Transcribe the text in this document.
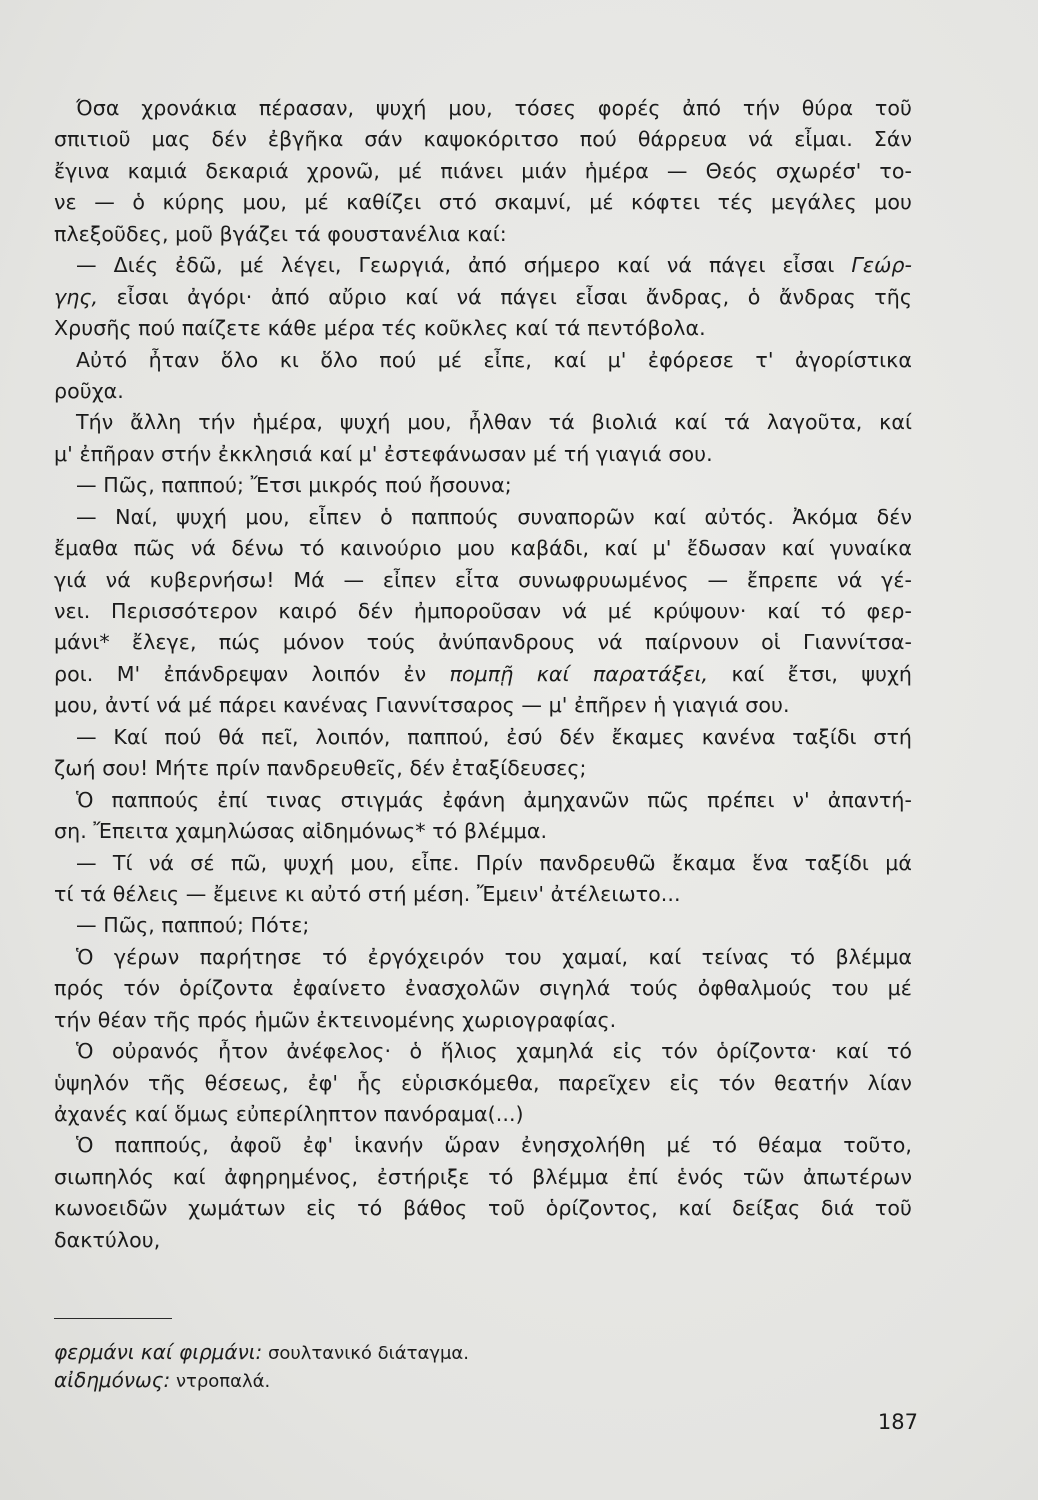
Όσα χρονάκια πέρασαν, ψυχή μου, τόσες φορές ἀπό τήν θύρα τοῦ
σπιτιοῦ μας δέν ἐβγῆκα σάν καψοκόριτσο πού θάρρευα νά εἶμαι. Σάν
ἔγινα καμιά δεκαριά χρονῶ, μέ πιάνει μιάν ἡμέρα — Θεός σχωρέσ' το-
νε — ὁ κύρης μου, μέ καθίζει στό σκαμνί, μέ κόφτει τές μεγάλες μου
πλεξοῦδες, μοῦ βγάζει τά φουστανέλια καί:
— Διές ἐδῶ, μέ λέγει, Γεωργιά, ἀπό σήμερο καί νά πάγει εἶσαι Γεώρ-
γης, εἶσαι ἀγόρι· ἀπό αὔριο καί νά πάγει εἶσαι ἄνδρας, ὁ ἄνδρας τῆς
Χρυσῆς πού παίζετε κάθε μέρα τές κοῦκλες καί τά πεντόβολα.
Αὐτό ἦταν ὅλο κι ὅλο πού μέ εἶπε, καί μ' ἐφόρεσε τ' ἀγορίστικα
ροῦχα.
Τήν ἄλλη τήν ἡμέρα, ψυχή μου, ἦλθαν τά βιολιά καί τά λαγοῦτα, καί
μ' ἐπῆραν στήν ἐκκλησιά καί μ' ἐστεφάνωσαν μέ τή γιαγιά σου.
— Πῶς, παππού; Ἔτσι μικρός πού ἤσουνα;
— Ναί, ψυχή μου, εἶπεν ὁ παππούς συναπορῶν καί αὐτός. Ἀκόμα δέν
ἔμαθα πῶς νά δένω τό καινούριο μου καβάδι, καί μ' ἔδωσαν καί γυναίκα
γιά νά κυβερνήσω! Μά — εἶπεν εἶτα συνωφρυωμένος — ἔπρεπε νά γέ-
νει. Περισσότερον καιρό δέν ἠμποροῦσαν νά μέ κρύψουν· καί τό φερ-
μάνι* ἔλεγε, πώς μόνον τούς ἀνύπανδρους νά παίρνουν οἱ Γιαννίτσα-
ροι. Μ' ἐπάνδρεψαν λοιπόν ἐν πομπῇ καί παρατάξει, καί ἔτσι, ψυχή
μου, ἀντί νά μέ πάρει κανένας Γιαννίτσαρος — μ' ἐπῆρεν ἡ γιαγιά σου.
— Καί πού θά πεῖ, λοιπόν, παππού, ἐσύ δέν ἔκαμες κανένα ταξίδι στή
ζωή σου! Μήτε πρίν πανδρευθεῖς, δέν ἐταξίδευσες;
Ὁ παππούς ἐπί τινας στιγμάς ἐφάνη ἀμηχανῶν πῶς πρέπει ν' ἀπαντή-
ση. Ἔπειτα χαμηλώσας αἰδημόνως* τό βλέμμα.
— Τί νά σέ πῶ, ψυχή μου, εἶπε. Πρίν πανδρευθῶ ἔκαμα ἕνα ταξίδι μά
τί τά θέλεις — ἔμεινε κι αὐτό στή μέση. Ἔμειν' ἀτέλειωτο...
— Πῶς, παππού; Πότε;
Ὁ γέρων παρήτησε τό ἐργόχειρόν του χαμαί, καί τείνας τό βλέμμα
πρός τόν ὁρίζοντα ἐφαίνετο ἐνασχολῶν σιγηλά τούς ὀφθαλμούς του μέ
τήν θέαν τῆς πρός ἡμῶν ἐκτεινομένης χωριογραφίας.
Ὁ οὐρανός ἦτον ἀνέφελος· ὁ ἥλιος χαμηλά εἰς τόν ὁρίζοντα· καί τό
ὑψηλόν τῆς θέσεως, ἐφ' ἧς εὑρισκόμεθα, παρεῖχεν εἰς τόν θεατήν λίαν
ἀχανές καί ὅμως εὐπερίληπτον πανόραμα(...)
Ὁ παππούς, ἀφοῦ ἐφ' ἱκανήν ὥραν ἐνησχολήθη μέ τό θέαμα τοῦτο,
σιωπηλός καί ἀφηρημένος, ἐστήριξε τό βλέμμα ἐπί ἑνός τῶν ἀπωτέρων
κωνοειδῶν χωμάτων εἰς τό βάθος τοῦ ὁρίζοντος, καί δείξας διά τοῦ
δακτύλου,
φερμάνι καί φιρμάνι: σουλτανικό διάταγμα.
αἰδημόνως: ντροπαλά.
187
